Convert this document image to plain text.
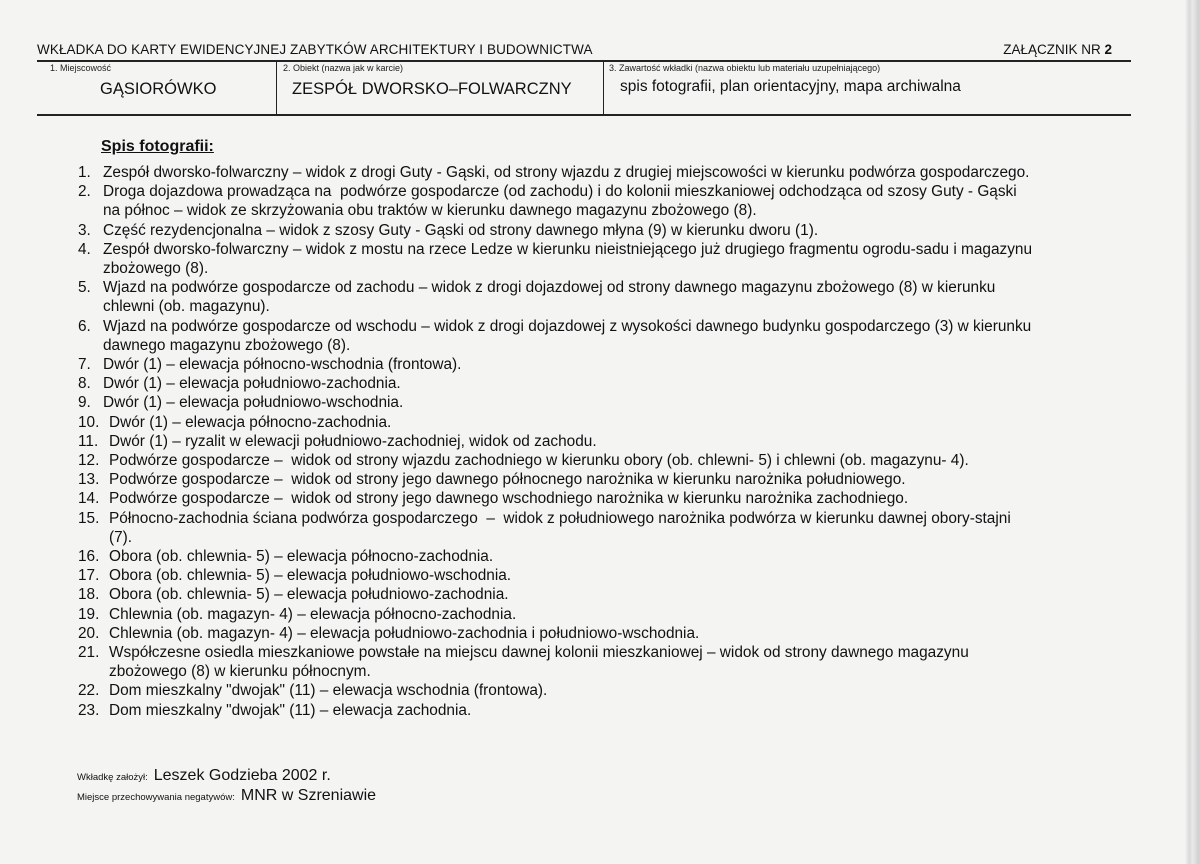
WKŁADKA DO KARTY EWIDENCYJNEJ ZABYTKÓW ARCHITEKTURY I BUDOWNICTWA	ZAŁĄCZNIK NR 2
1. Miejscowość
GĄSIORÓWKO
2. Obiekt (nazwa jak w karcie)
ZESPÓŁ DWORSKO–FOLWARCZNY
3. Zawartość wkładki (nazwa obiektu lub materiału uzupełniającego)
spis fotografii, plan orientacyjny, mapa archiwalna
Spis fotografii:
1. Zespół dworsko-folwarczny – widok z drogi Guty - Gąski, od strony wjazdu z drugiej miejscowości w kierunku podwórza gospodarczego.
2. Droga dojazdowa prowadząca na  podwórze gospodarcze (od zachodu) i do kolonii mieszkaniowej odchodząca od szosy Guty - Gąski
na północ – widok ze skrzyżowania obu traktów w kierunku dawnego magazynu zbożowego (8).
3. Część rezydencjonalna – widok z szosy Guty - Gąski od strony dawnego młyna (9) w kierunku dworu (1).
4. Zespół dworsko-folwarczny – widok z mostu na rzece Ledze w kierunku nieistniejącego już drugiego fragmentu ogrodu-sadu i magazynu
zbożowego (8).
5. Wjazd na podwórze gospodarcze od zachodu – widok z drogi dojazdowej od strony dawnego magazynu zbożowego (8) w kierunku
chlewni (ob. magazynu).
6. Wjazd na podwórze gospodarcze od wschodu – widok z drogi dojazdowej z wysokości dawnego budynku gospodarczego (3) w kierunku
dawnego magazynu zbożowego (8).
7. Dwór (1) – elewacja północno-wschodnia (frontowa).
8. Dwór (1) – elewacja południowo-zachodnia.
9. Dwór (1) – elewacja południowo-wschodnia.
10. Dwór (1) – elewacja północno-zachodnia.
11. Dwór (1) – ryzalit w elewacji południowo-zachodniej, widok od zachodu.
12. Podwórze gospodarcze –  widok od strony wjazdu zachodniego w kierunku obory (ob. chlewni- 5) i chlewni (ob. magazynu- 4).
13. Podwórze gospodarcze –  widok od strony jego dawnego północnego narożnika w kierunku narożnika południowego.
14. Podwórze gospodarcze –  widok od strony jego dawnego wschodniego narożnika w kierunku narożnika zachodniego.
15. Północno-zachodnia ściana podwórza gospodarczego  –  widok z południowego narożnika podwórza w kierunku dawnej obory-stajni
(7).
16. Obora (ob. chlewnia- 5) – elewacja północno-zachodnia.
17. Obora (ob. chlewnia- 5) – elewacja południowo-wschodnia.
18. Obora (ob. chlewnia- 5) – elewacja południowo-zachodnia.
19. Chlewnia (ob. magazyn- 4) – elewacja północno-zachodnia.
20. Chlewnia (ob. magazyn- 4) – elewacja południowo-zachodnia i południowo-wschodnia.
21. Współczesne osiedla mieszkaniowe powstałe na miejscu dawnej kolonii mieszkaniowej – widok od strony dawnego magazynu
zbożowego (8) w kierunku północnym.
22. Dom mieszkalny "dwojak" (11) – elewacja wschodnia (frontowa).
23. Dom mieszkalny "dwojak" (11) – elewacja zachodnia.
Wkładkę założył: Leszek Godzieba 2002 r.
Miejsce przechowywania negatywów: MNR w Szreniawie
